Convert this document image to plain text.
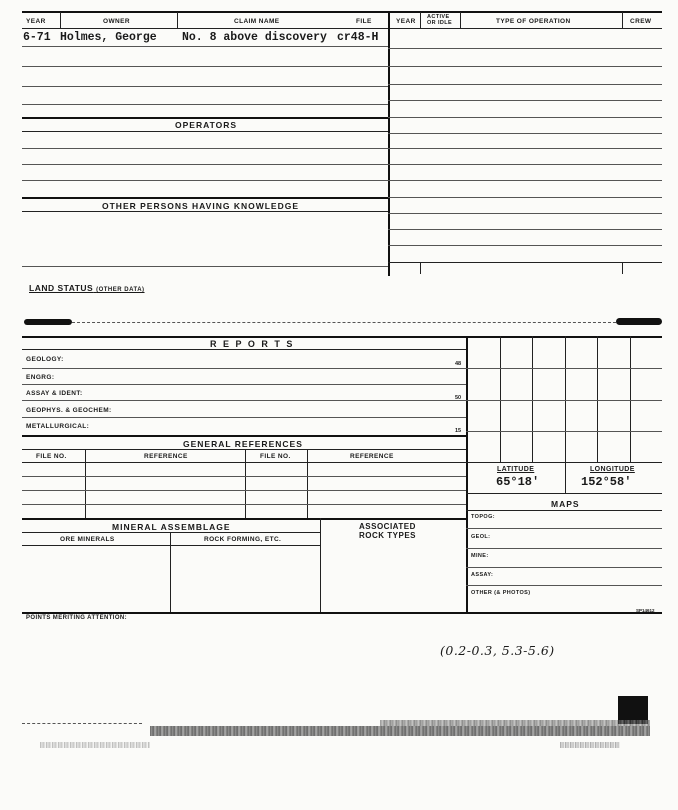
YEAR	OWNER	CLAIM NAME	FILE	YEAR
ACTIVE
OR IDLE	TYPE OF OPERATION	CREW
6-71 Holmes, George No. 8 above discovery cr48-H
OPERATORS
OTHER PERSONS HAVING KNOWLEDGE
LAND STATUS (OTHER DATA)
R E P O R T S
GEOLOGY:
ENGRG:
ASSAY & IDENT:
GEOPHYS. & GEOCHEM:
METALLURGICAL:
48
50
15
GENERAL REFERENCES
FILE NO.	REFERENCE	FILE NO.	REFERENCE
LATITUDE	LONGITUDE
65°18'	152°58'
MAPS
TOPOG:
GEOL:
MINE:
ASSAY:
OTHER (& PHOTOS)
MINERAL ASSEMBLAGE	ASSOCIATED
ROCK TYPES
ORE MINERALS	ROCK FORMING, ETC.
POINTS MERITING ATTENTION:
SP14612
(0.2-0.3, 5.3-5.6)
